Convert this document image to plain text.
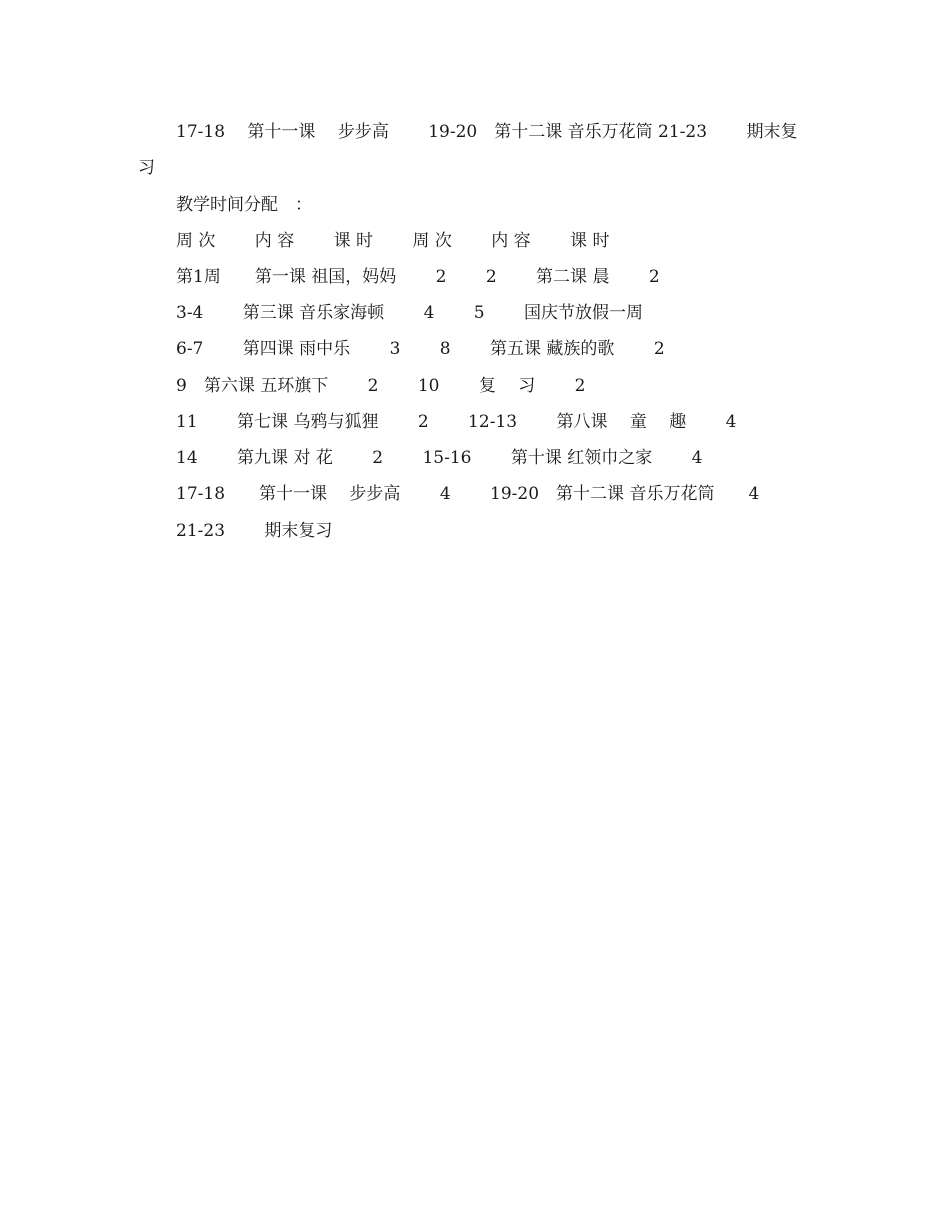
17-18　 第十一课　 步步高　　 19-20　第十二课 音乐万花筒 21-23　　 期末复习
教学时间分配　：
周 次　　 内 容　　 课 时　　 周 次　　 内 容　　 课 时
第1周　　第一课 祖国，妈妈　　 2　　 2　　 第二课 晨　　 2
3-4　　 第三课 音乐家海顿　　 4　　 5　　 国庆节放假一周
6-7　　 第四课 雨中乐　　 3　　 8　　 第五课 藏族的歌　　 2
9　第六课 五环旗下　　 2　　 10　　 复　 习　　 2
11　　 第七课 乌鸦与狐狸　　 2　　 12-13　　 第八课　 童　 趣　　 4
14　　 第九课 对 花　　 2　　 15-16　　 第十课 红领巾之家　　 4
17-18　　第十一课　 步步高　　 4　　 19-20　第十二课 音乐万花筒　　4
21-23　　 期末复习
